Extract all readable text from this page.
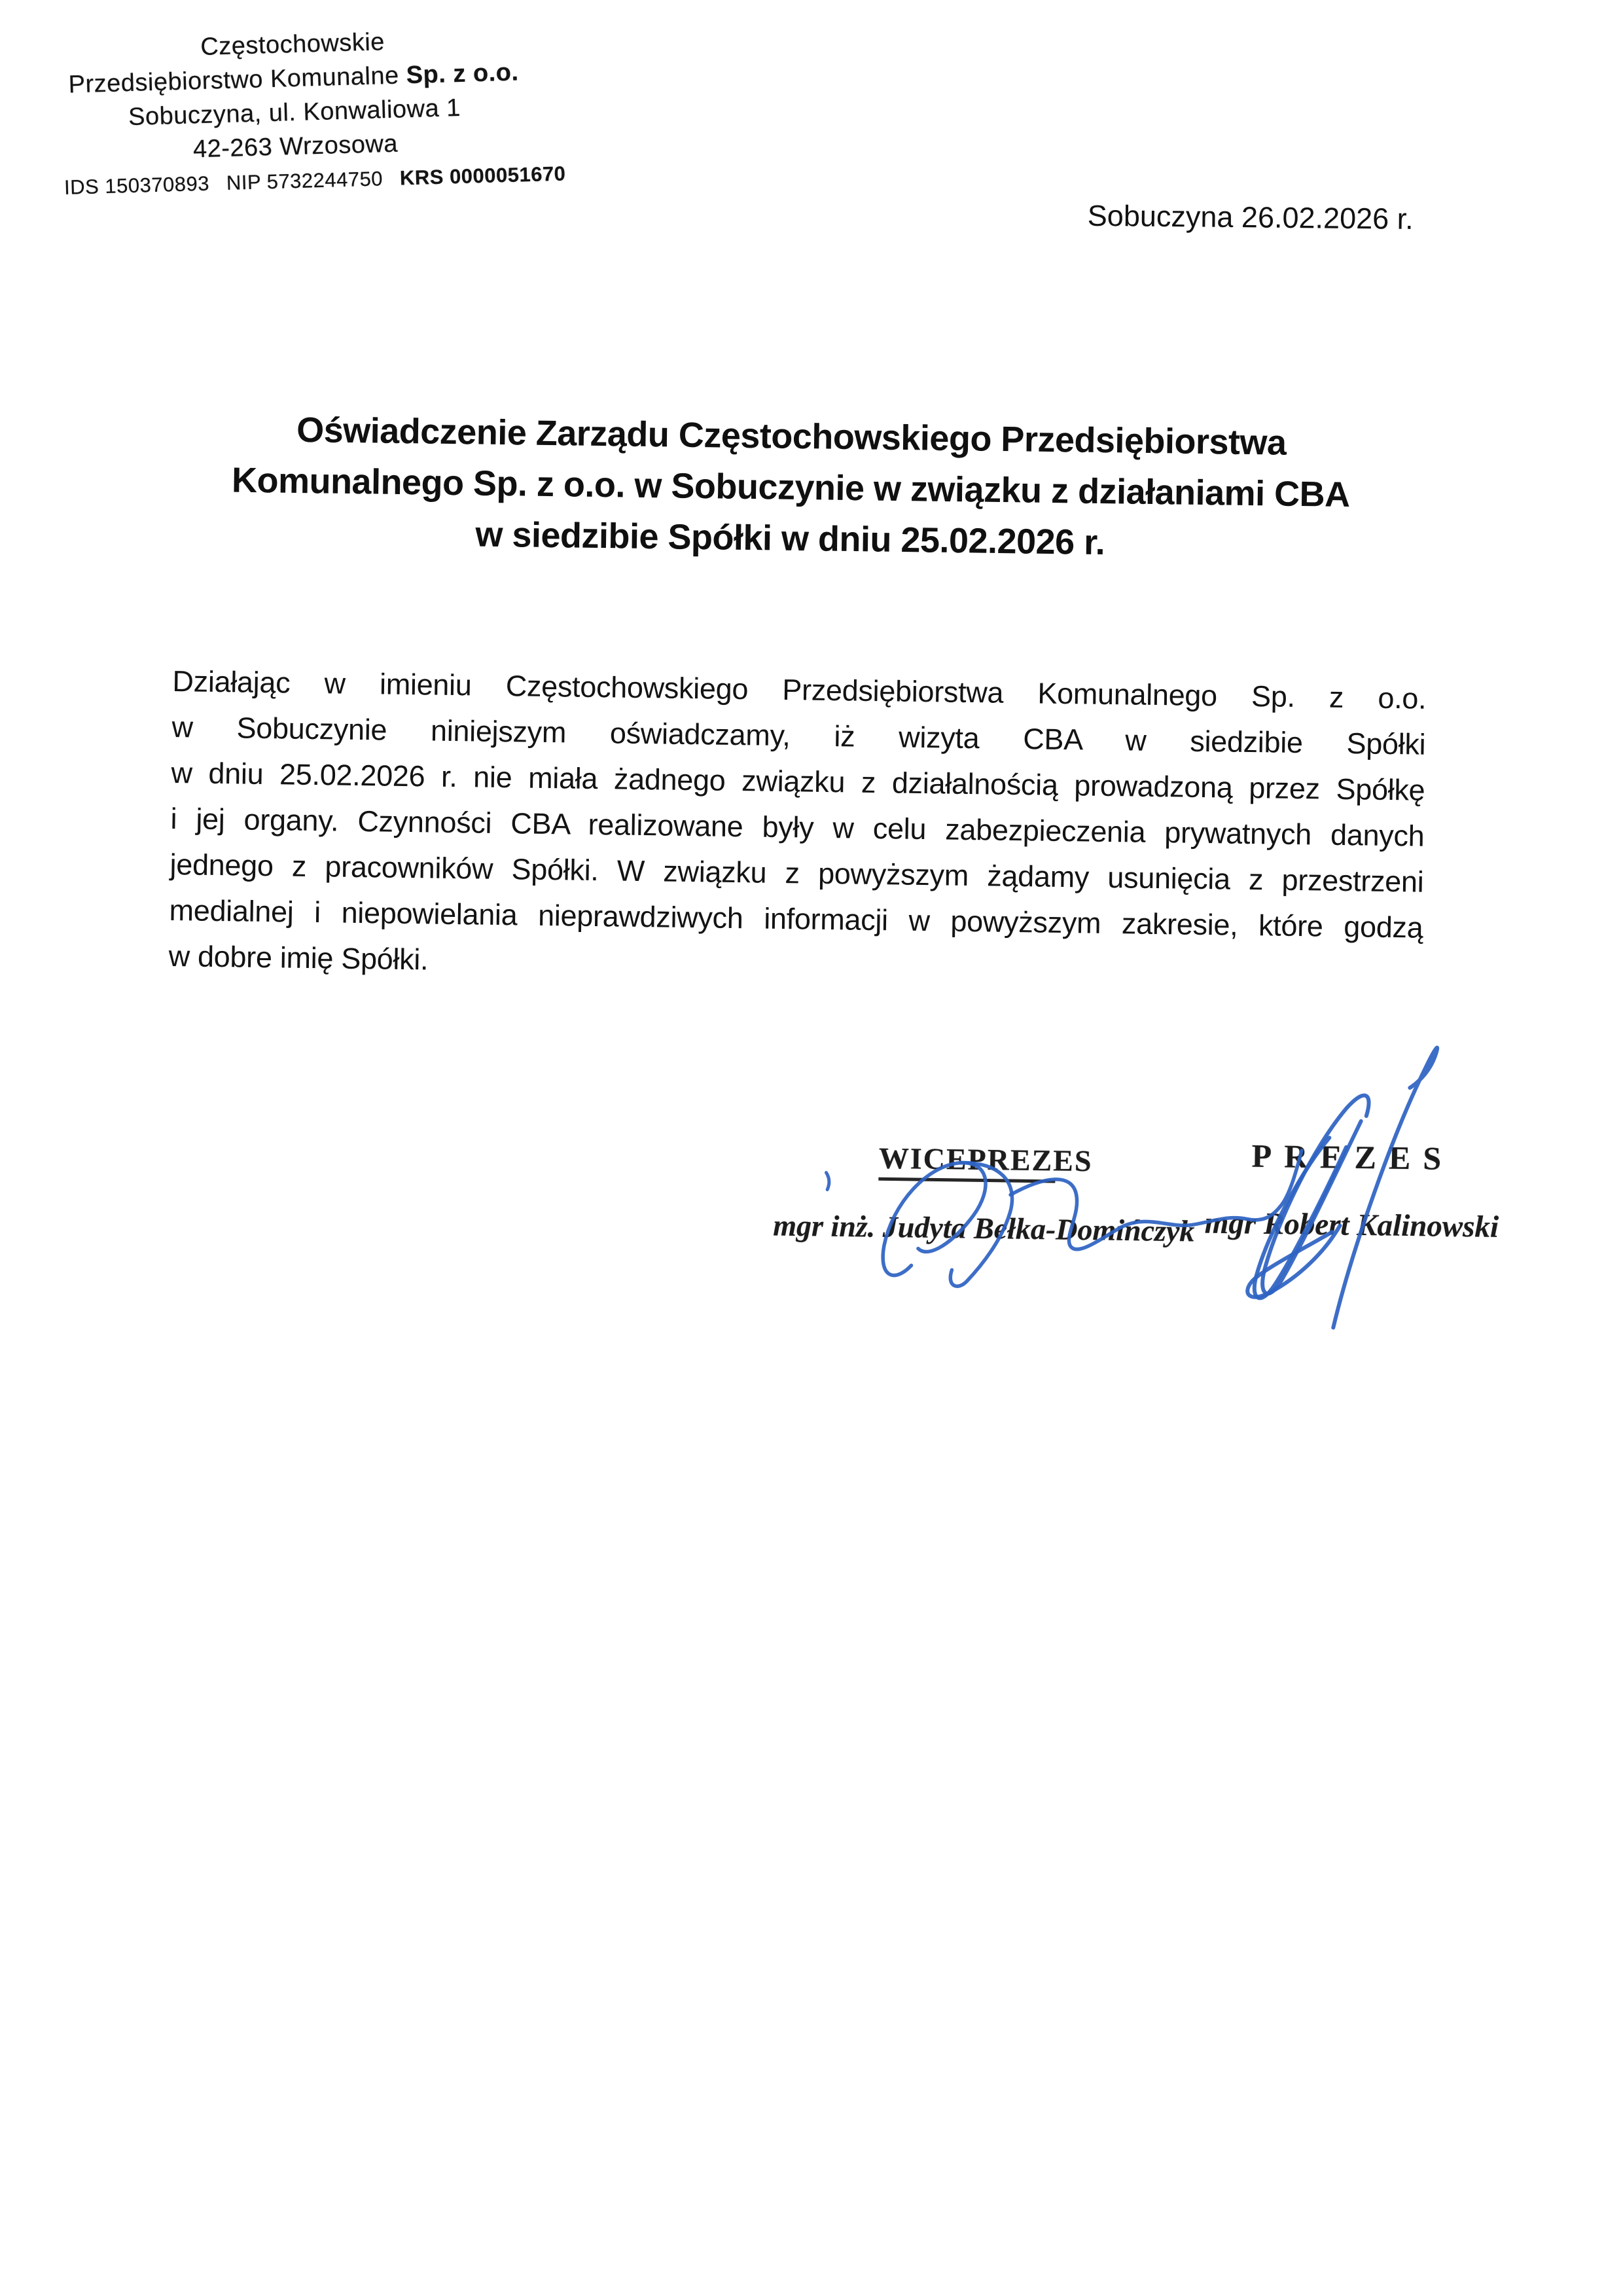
Częstochowskie
Przedsiębiorstwo Komunalne Sp. z o.o.
Sobuczyna, ul. Konwaliowa 1
42-263 Wrzosowa
IDS 150370893 NIP 5732244750 KRS 0000051670
Sobuczyna 26.02.2026 r.
Oświadczenie Zarządu Częstochowskiego Przedsiębiorstwa
Komunalnego Sp. z o.o. w Sobuczynie w związku z działaniami CBA
w siedzibie Spółki w dniu 25.02.2026 r.
Działając w imieniu Częstochowskiego Przedsiębiorstwa Komunalnego Sp. z o.o.
w Sobuczynie niniejszym oświadczamy, iż wizyta CBA w siedzibie Spółki
w dniu 25.02.2026 r. nie miała żadnego związku z działalnością prowadzoną przez Spółkę
i jej organy. Czynności CBA realizowane były w celu zabezpieczenia prywatnych danych
jednego z pracowników Spółki. W związku z powyższym żądamy usunięcia z przestrzeni
medialnej i niepowielania nieprawdziwych informacji w powyższym zakresie, które godzą
w dobre imię Spółki.
WICEPREZES	PREZES
mgr inż. Judyta Bełka-Domińczyk mgr Robert Kalinowski
